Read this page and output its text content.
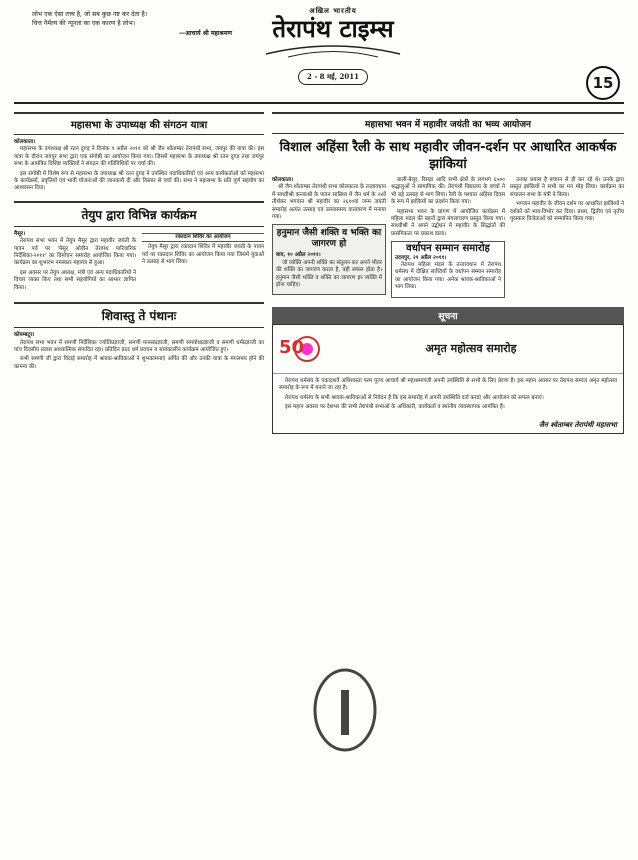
लोभ एक ऐसा तत्त्व है, जो सब कुछ नष्ट कर देता है।
चित्त नैर्मल्य की न्यूनता का एक कारण है लोभ।
—आचार्य श्री महाश्रमण
अखिल भारतीय
तेरापंथ टाइम्स
2 - 8 मई, 2011	15
महासभा के उपाध्यक्ष की संगठन यात्रा
कोलकाता।
महासभा के उपाध्यक्ष श्री रतन दुगड़ ने दिनांक ९ अप्रैल २०११ को श्री जैन श्वेताम्बर तेरापंथी सभा, जयपुर की यात्रा की। इस यात्रा के दौरान जयपुर सभा द्वारा एक संगोष्ठी का आयोजन किया गया। जिसमें महासभा के उपाध्यक्ष श्री रतन दुगड़ तथा जयपुर सभा के आमंत्रित विशिष्ट व्यक्तियों ने संगठन की गतिविधियों पर चर्चा की।
इस संगोष्ठी में विशेष रूप से महासभा के उपाध्यक्ष श्री रतन दुगड़ ने उपस्थित पदाधिकारियों एवं अन्य कार्यकर्ताओं को महासभा के कार्यक्रमों, प्रवृत्तियों एवं भावी योजनाओं की जानकारी दी और विस्तार से चर्चा की। सभा ने महासभा के प्रति पूर्ण सहयोग का आश्वासन दिया।
तेयुप द्वारा विभिन्न कार्यक्रम
मैसूर।
तेरापंथ सभा भवन में तेयुप मैसूर द्वारा महावीर जयंती के पावन पर्व पर 'मेसूर ओवीन तेरापंथ पारिवारिक निर्देशिका-२०११' का विमोचन समारोह आयोजित किया गया। कार्यक्रम का शुभारंभ नमस्कार महामंत्र से हुआ।
इस अवसर पर तेयुप अध्यक्ष, मंत्री एवं अन्य पदाधिकारियों ने विचार व्यक्त किए तथा सभी सहयोगियों का आभार ज्ञापित किया।
रक्तदान शिविर का आयोजन
तेयुप मैसूर द्वारा रक्तदान शिविर में महावीर जयंती के पावन पर्व पर रक्तदान शिविर का आयोजन किया गया जिसमें युवाओं ने उत्साह से भाग लिया।
शिवास्तु ते पंथानः
कोयम्बटूर।
तेरापंथ सभा भवन में समणी निर्देशिका ज्योतिप्रज्ञाजी, समणी मानसप्रज्ञाजी, समणी समयोधप्रज्ञाजी व समणी धर्मप्रज्ञाजी का पांच दिवसीय प्रवास आध्यात्मिक संपादित रहा। प्रतिदिन प्रातः धर्म प्रवचन व सायंकालीन कार्यक्रम आयोजित हुए।
सभी समणी जी द्वारा विदाई समारोह में श्रावक-श्राविकाओं ने शुभकामनाएं अर्पित कीं और उनकी यात्रा के मंगलमय होने की कामना की।
महासभा भवन में महावीर जयंती का भव्य आयोजन
विशाल अहिंसा रैली के साथ महावीर जीवन-दर्शन पर आधारित आकर्षक झांकियां
कोलकाता।
श्री जैन श्वेताम्बर तेरापंथी सभा कोलकाता के तत्त्वावधान में साध्वीश्री कनकश्री के पावन सान्निध्य में जैन धर्म के २४वें तीर्थंकर भगवान श्री महावीर का २६१०वां जन्म जयंती समारोह अत्यंत उत्साह एवं उल्लासमय वातावरण में मनाया गया।
हनुमान जैसी शक्ति व भक्ति का जागरण हो
बाव, १० अप्रैल २०११।
जो व्यक्ति अपनी शक्ति का संतुलन कर अपने भीतर की शक्ति का जागरण करता है, वही सफल होता है। हनुमान जैसी भक्ति व शक्ति का जागरण हर व्यक्ति में होना चाहिए।
बाली-बेलूर, रिसड़ा आदि सभी क्षेत्रों के लगभग ६५०० श्रद्धालुओं ने सामायिक की। तेरापंथी विद्यालय के बच्चों ने भी बड़े उत्साह से भाग लिया। रैली के पश्चात अहिंसा दिवस के रूप में झांकियों का प्रदर्शन किया गया।
महासभा भवन के प्रांगण में आयोजित कार्यक्रम में महिला मंडल की बहनों द्वारा मंगलाचरण प्रस्तुत किया गया। साध्वीश्री ने अपने उद्बोधन में महावीर के सिद्धांतों की प्रासंगिकता पर प्रकाश डाला।
वर्धापन सम्मान समारोह
उदयपुर, २१ अप्रैल २०११।
तेरापंथ महिला मंडल के तत्त्वावधान में तेरापंथ धर्मसंघ में दीक्षित साध्वियों के वर्धापन सम्मान समारोह का आयोजन किया गया। अनेक श्रावक-श्राविकाओं ने भाग लिया।
उनका प्रयास है बचपन से ही कर रहे थे। उनके द्वारा प्रस्तुत झांकियों ने सभी का मन मोह लिया। कार्यक्रम का संचालन सभा के मंत्री ने किया।
भगवान महावीर के जीवन दर्शन पर आधारित झांकियों ने दर्शकों को भाव-विभोर कर दिया। प्रथम, द्वितीय एवं तृतीय पुरस्कार विजेताओं को सम्मानित किया गया।
सूचना
50	अमृत महोत्सव समारोह
तेरापंथ धर्मसंघ के एकादशवें अधिशास्ता परम पूज्य आचार्य श्री महाश्रमणजी अपनी उपस्थिति से सभी के लिए प्रेरणा हैं। इस महान अवसर पर तेरापंथ समाज अमृत महोत्सव समारोह के रूप में मनाने जा रहा है।
तेरापंथ धर्मसंघ के सभी श्रावक-श्राविकाओं से निवेदन है कि इस समारोह में अपनी उपस्थिति दर्ज कराएं और आयोजन को सफल बनाएं।
इस महान अवसर पर देशभर की सभी तेरापंथी सभाओं के अधिकारी, कार्यकर्ता व स्थानीय व्यवस्थापक आमंत्रित हैं।
जैन श्वेताम्बर तेरापंथी महासभा
